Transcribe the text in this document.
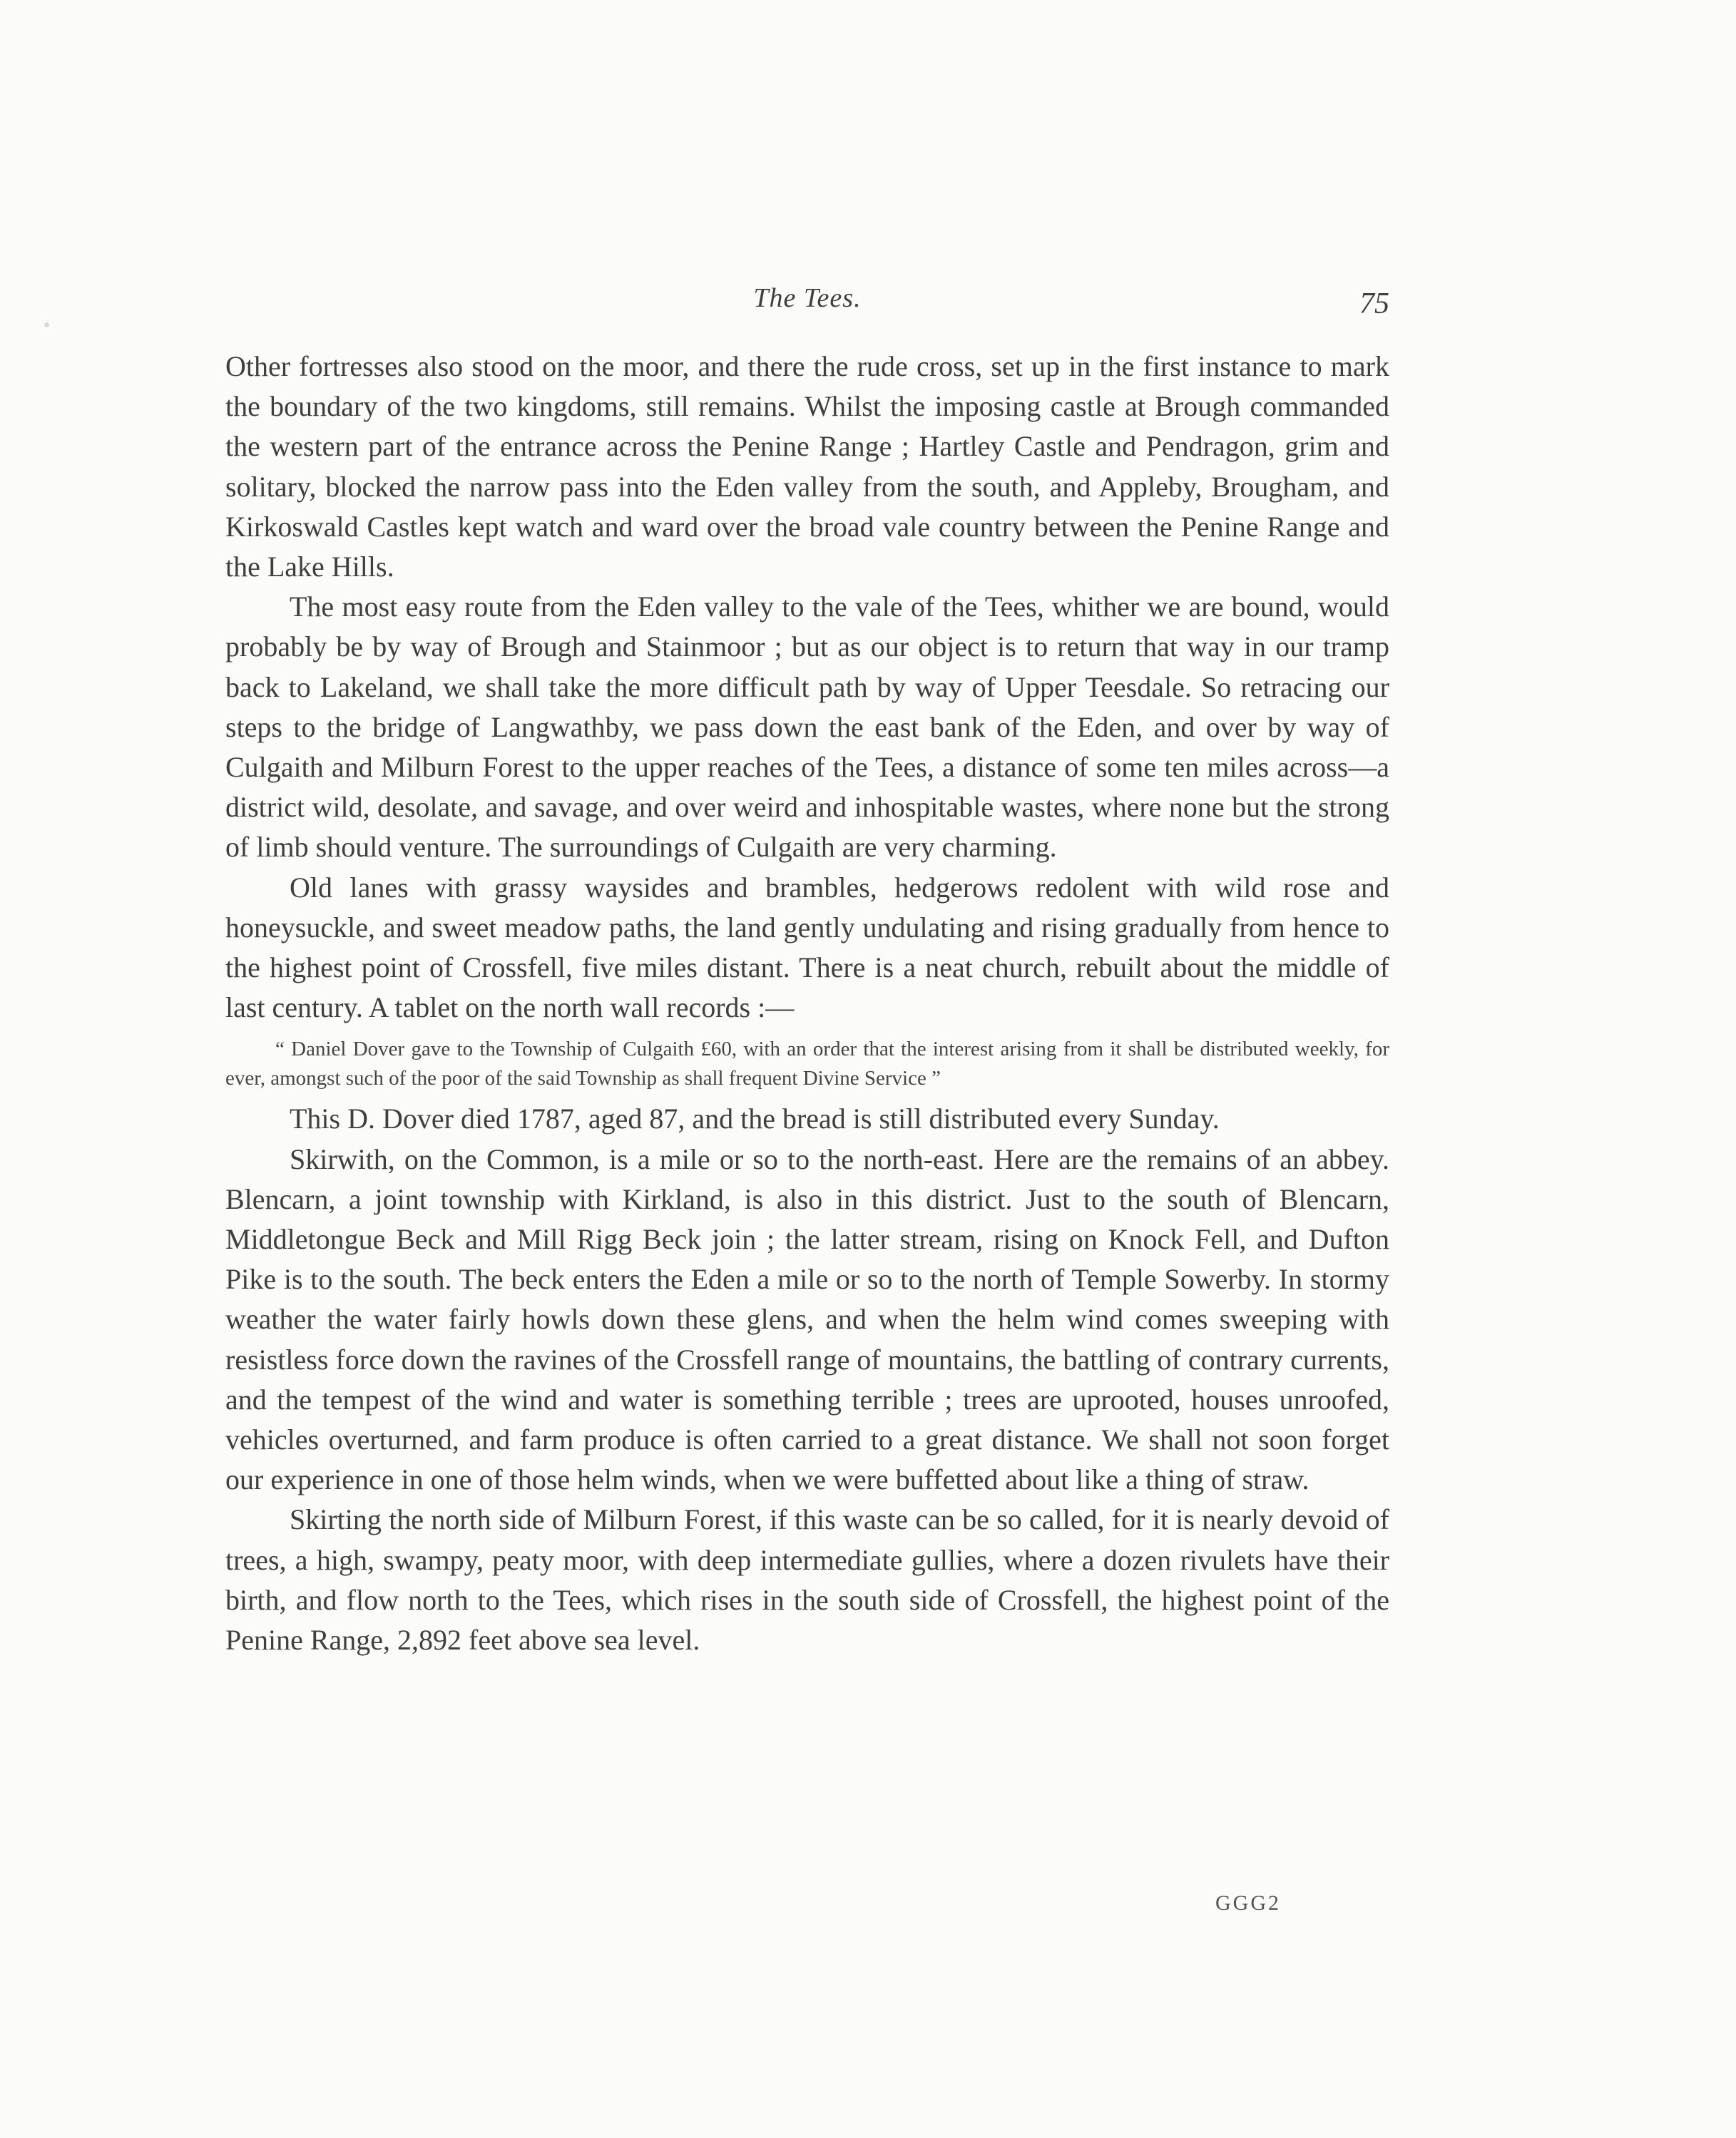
The Tees.	75

Other fortresses also stood on the moor, and there the rude cross, set up in the first instance to mark the boundary of the two kingdoms, still remains. Whilst the imposing castle at Brough commanded the western part of the entrance across the Penine Range ; Hartley Castle and Pendragon, grim and solitary, blocked the narrow pass into the Eden valley from the south, and Appleby, Brougham, and Kirkoswald Castles kept watch and ward over the broad vale country between the Penine Range and the Lake Hills.

The most easy route from the Eden valley to the vale of the Tees, whither we are bound, would probably be by way of Brough and Stainmoor ; but as our object is to return that way in our tramp back to Lakeland, we shall take the more difficult path by way of Upper Teesdale. So retracing our steps to the bridge of Langwathby, we pass down the east bank of the Eden, and over by way of Culgaith and Milburn Forest to the upper reaches of the Tees, a distance of some ten miles across—a district wild, desolate, and savage, and over weird and inhospitable wastes, where none but the strong of limb should venture. The surroundings of Culgaith are very charming.

Old lanes with grassy waysides and brambles, hedgerows redolent with wild rose and honeysuckle, and sweet meadow paths, the land gently undulating and rising gradually from hence to the highest point of Crossfell, five miles distant. There is a neat church, rebuilt about the middle of last century. A tablet on the north wall records :—

“ Daniel Dover gave to the Township of Culgaith £60, with an order that the interest arising from it shall be distributed weekly, for ever, amongst such of the poor of the said Township as shall frequent Divine Service ”

This D. Dover died 1787, aged 87, and the bread is still distributed every Sunday.

Skirwith, on the Common, is a mile or so to the north-east. Here are the remains of an abbey. Blencarn, a joint township with Kirkland, is also in this district. Just to the south of Blencarn, Middletongue Beck and Mill Rigg Beck join ; the latter stream, rising on Knock Fell, and Dufton Pike is to the south. The beck enters the Eden a mile or so to the north of Temple Sowerby. In stormy weather the water fairly howls down these glens, and when the helm wind comes sweeping with resistless force down the ravines of the Crossfell range of mountains, the battling of contrary currents, and the tempest of the wind and water is something terrible ; trees are uprooted, houses unroofed, vehicles overturned, and farm produce is often carried to a great distance. We shall not soon forget our experience in one of those helm winds, when we were buffetted about like a thing of straw.

Skirting the north side of Milburn Forest, if this waste can be so called, for it is nearly devoid of trees, a high, swampy, peaty moor, with deep intermediate gullies, where a dozen rivulets have their birth, and flow north to the Tees, which rises in the south side of Crossfell, the highest point of the Penine Range, 2,892 feet above sea level.

GGG2
